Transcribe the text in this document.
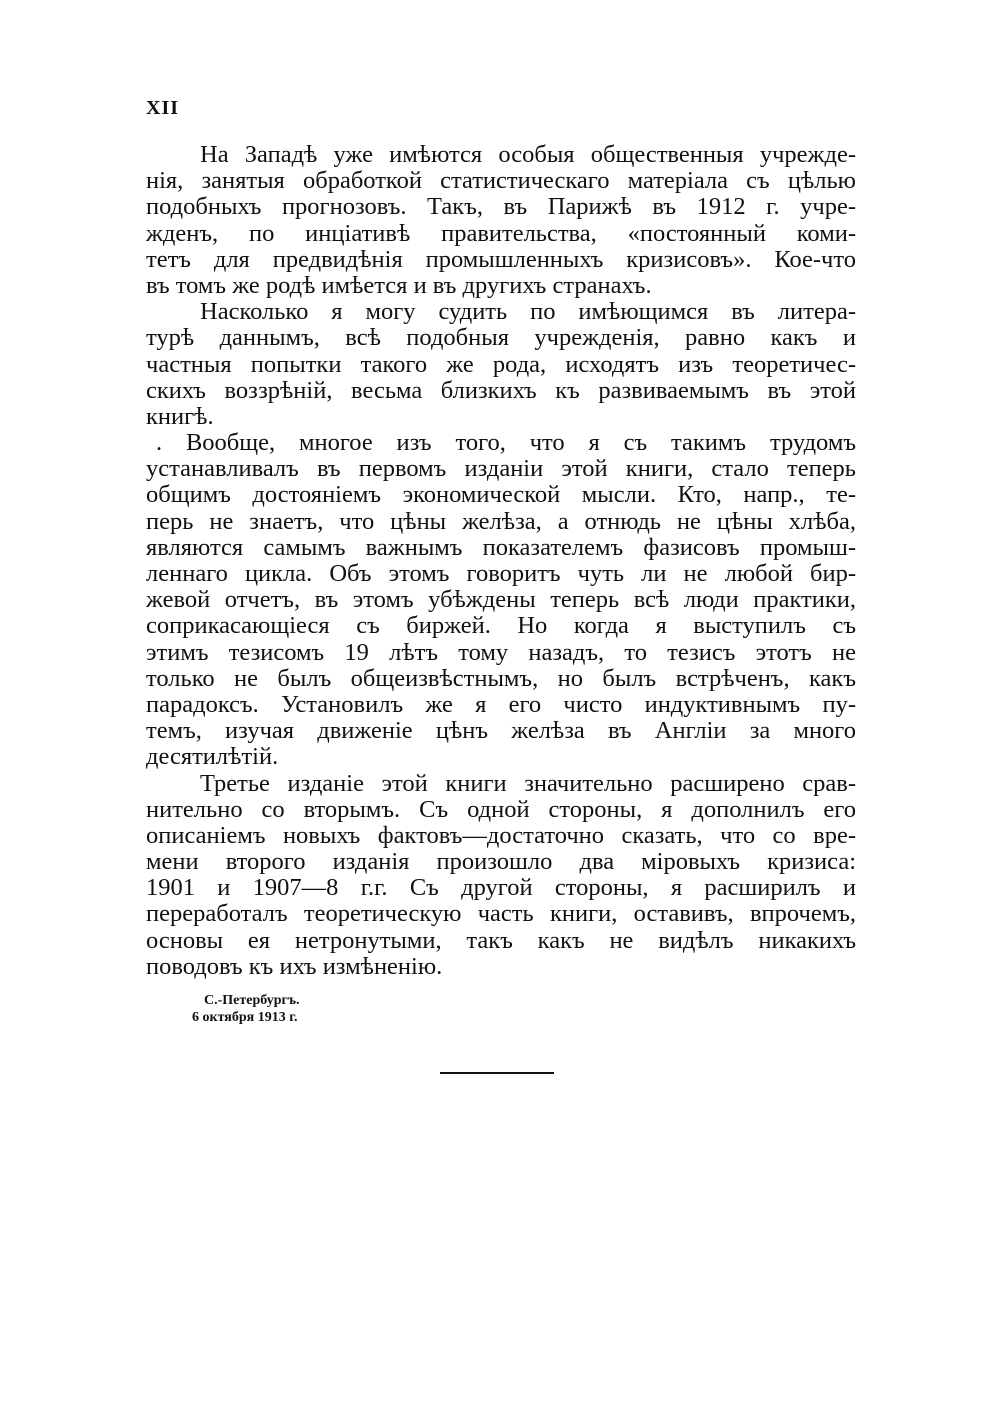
XII
На Западѣ уже имѣются особыя общественныя учрежде-
нія, занятыя обработкой статистическаго матеріала съ цѣлью
подобныхъ прогнозовъ. Такъ, въ Парижѣ въ 1912 г. учре-
жденъ, по инціативѣ правительства, «постоянный коми-
тетъ для предвидѣнія промышленныхъ кризисовъ». Кое-что
въ томъ же родѣ имѣется и въ другихъ странахъ.
Насколько я могу судить по имѣющимся въ литера-
турѣ даннымъ, всѣ подобныя учрежденія, равно какъ и
частныя попытки такого же рода, исходятъ изъ теоретичес-
скихъ воззрѣній, весьма близкихъ къ развиваемымъ въ этой
книгѣ.
. Вообще, многое изъ того, что я съ такимъ трудомъ
устанавливалъ въ первомъ изданіи этой книги, стало теперь
общимъ достояніемъ экономической мысли. Кто, напр., те-
перь не знаетъ, что цѣны желѣза, а отнюдь не цѣны хлѣба,
являются самымъ важнымъ показателемъ фазисовъ промыш-
леннаго цикла. Объ этомъ говоритъ чуть ли не любой бир-
жевой отчетъ, въ этомъ убѣждены теперь всѣ люди практики,
соприкасающіеся съ биржей. Но когда я выступилъ съ
этимъ тезисомъ 19 лѣтъ тому назадъ, то тезисъ этотъ не
только не былъ общеизвѣстнымъ, но былъ встрѣченъ, какъ
парадоксъ. Установилъ же я его чисто индуктивнымъ пу-
темъ, изучая движеніе цѣнъ желѣза въ Англіи за много
десятилѣтій.
Третье изданіе этой книги значительно расширено срав-
нительно со вторымъ. Съ одной стороны, я дополнилъ его
описаніемъ новыхъ фактовъ—достаточно сказать, что со вре-
мени второго изданія произошло два міровыхъ кризиса:
1901 и 1907—8 г.г. Съ другой стороны, я расширилъ и
переработалъ теоретическую часть книги, оставивъ, впрочемъ,
основы ея нетронутыми, такъ какъ не видѣлъ никакихъ
поводовъ къ ихъ измѣненію.
С.-Петербургъ.
6 октября 1913 г.
